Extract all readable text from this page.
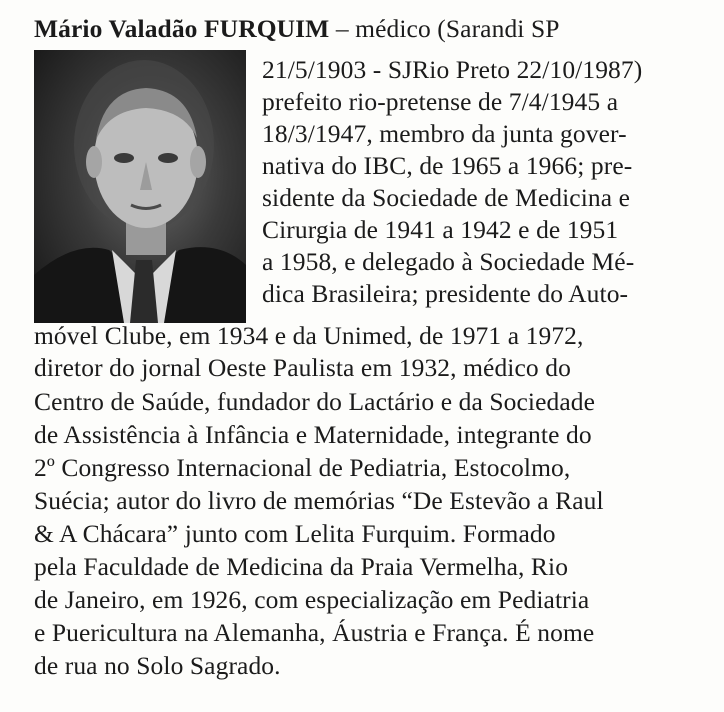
Mário Valadão FURQUIM – médico (Sarandi SP
21/5/1903 - SJRio Preto 22/10/1987)
prefeito rio-pretense de 7/4/1945 a
18/3/1947, membro da junta gover-
nativa do IBC, de 1965 a 1966; pre-
sidente da Sociedade de Medicina e
Cirurgia de 1941 a 1942 e de 1951
a 1958, e delegado à Sociedade Mé-
dica Brasileira; presidente do Auto-
móvel Clube, em 1934 e da Unimed, de 1971 a 1972,
diretor do jornal Oeste Paulista em 1932, médico do
Centro de Saúde, fundador do Lactário e da Sociedade
de Assistência à Infância e Maternidade, integrante do
2º Congresso Internacional de Pediatria, Estocolmo,
Suécia; autor do livro de memórias “De Estevão a Raul
& A Chácara” junto com Lelita Furquim. Formado
pela Faculdade de Medicina da Praia Vermelha, Rio
de Janeiro, em 1926, com especialização em Pediatria
e Puericultura na Alemanha, Áustria e França. É nome
de rua no Solo Sagrado.
